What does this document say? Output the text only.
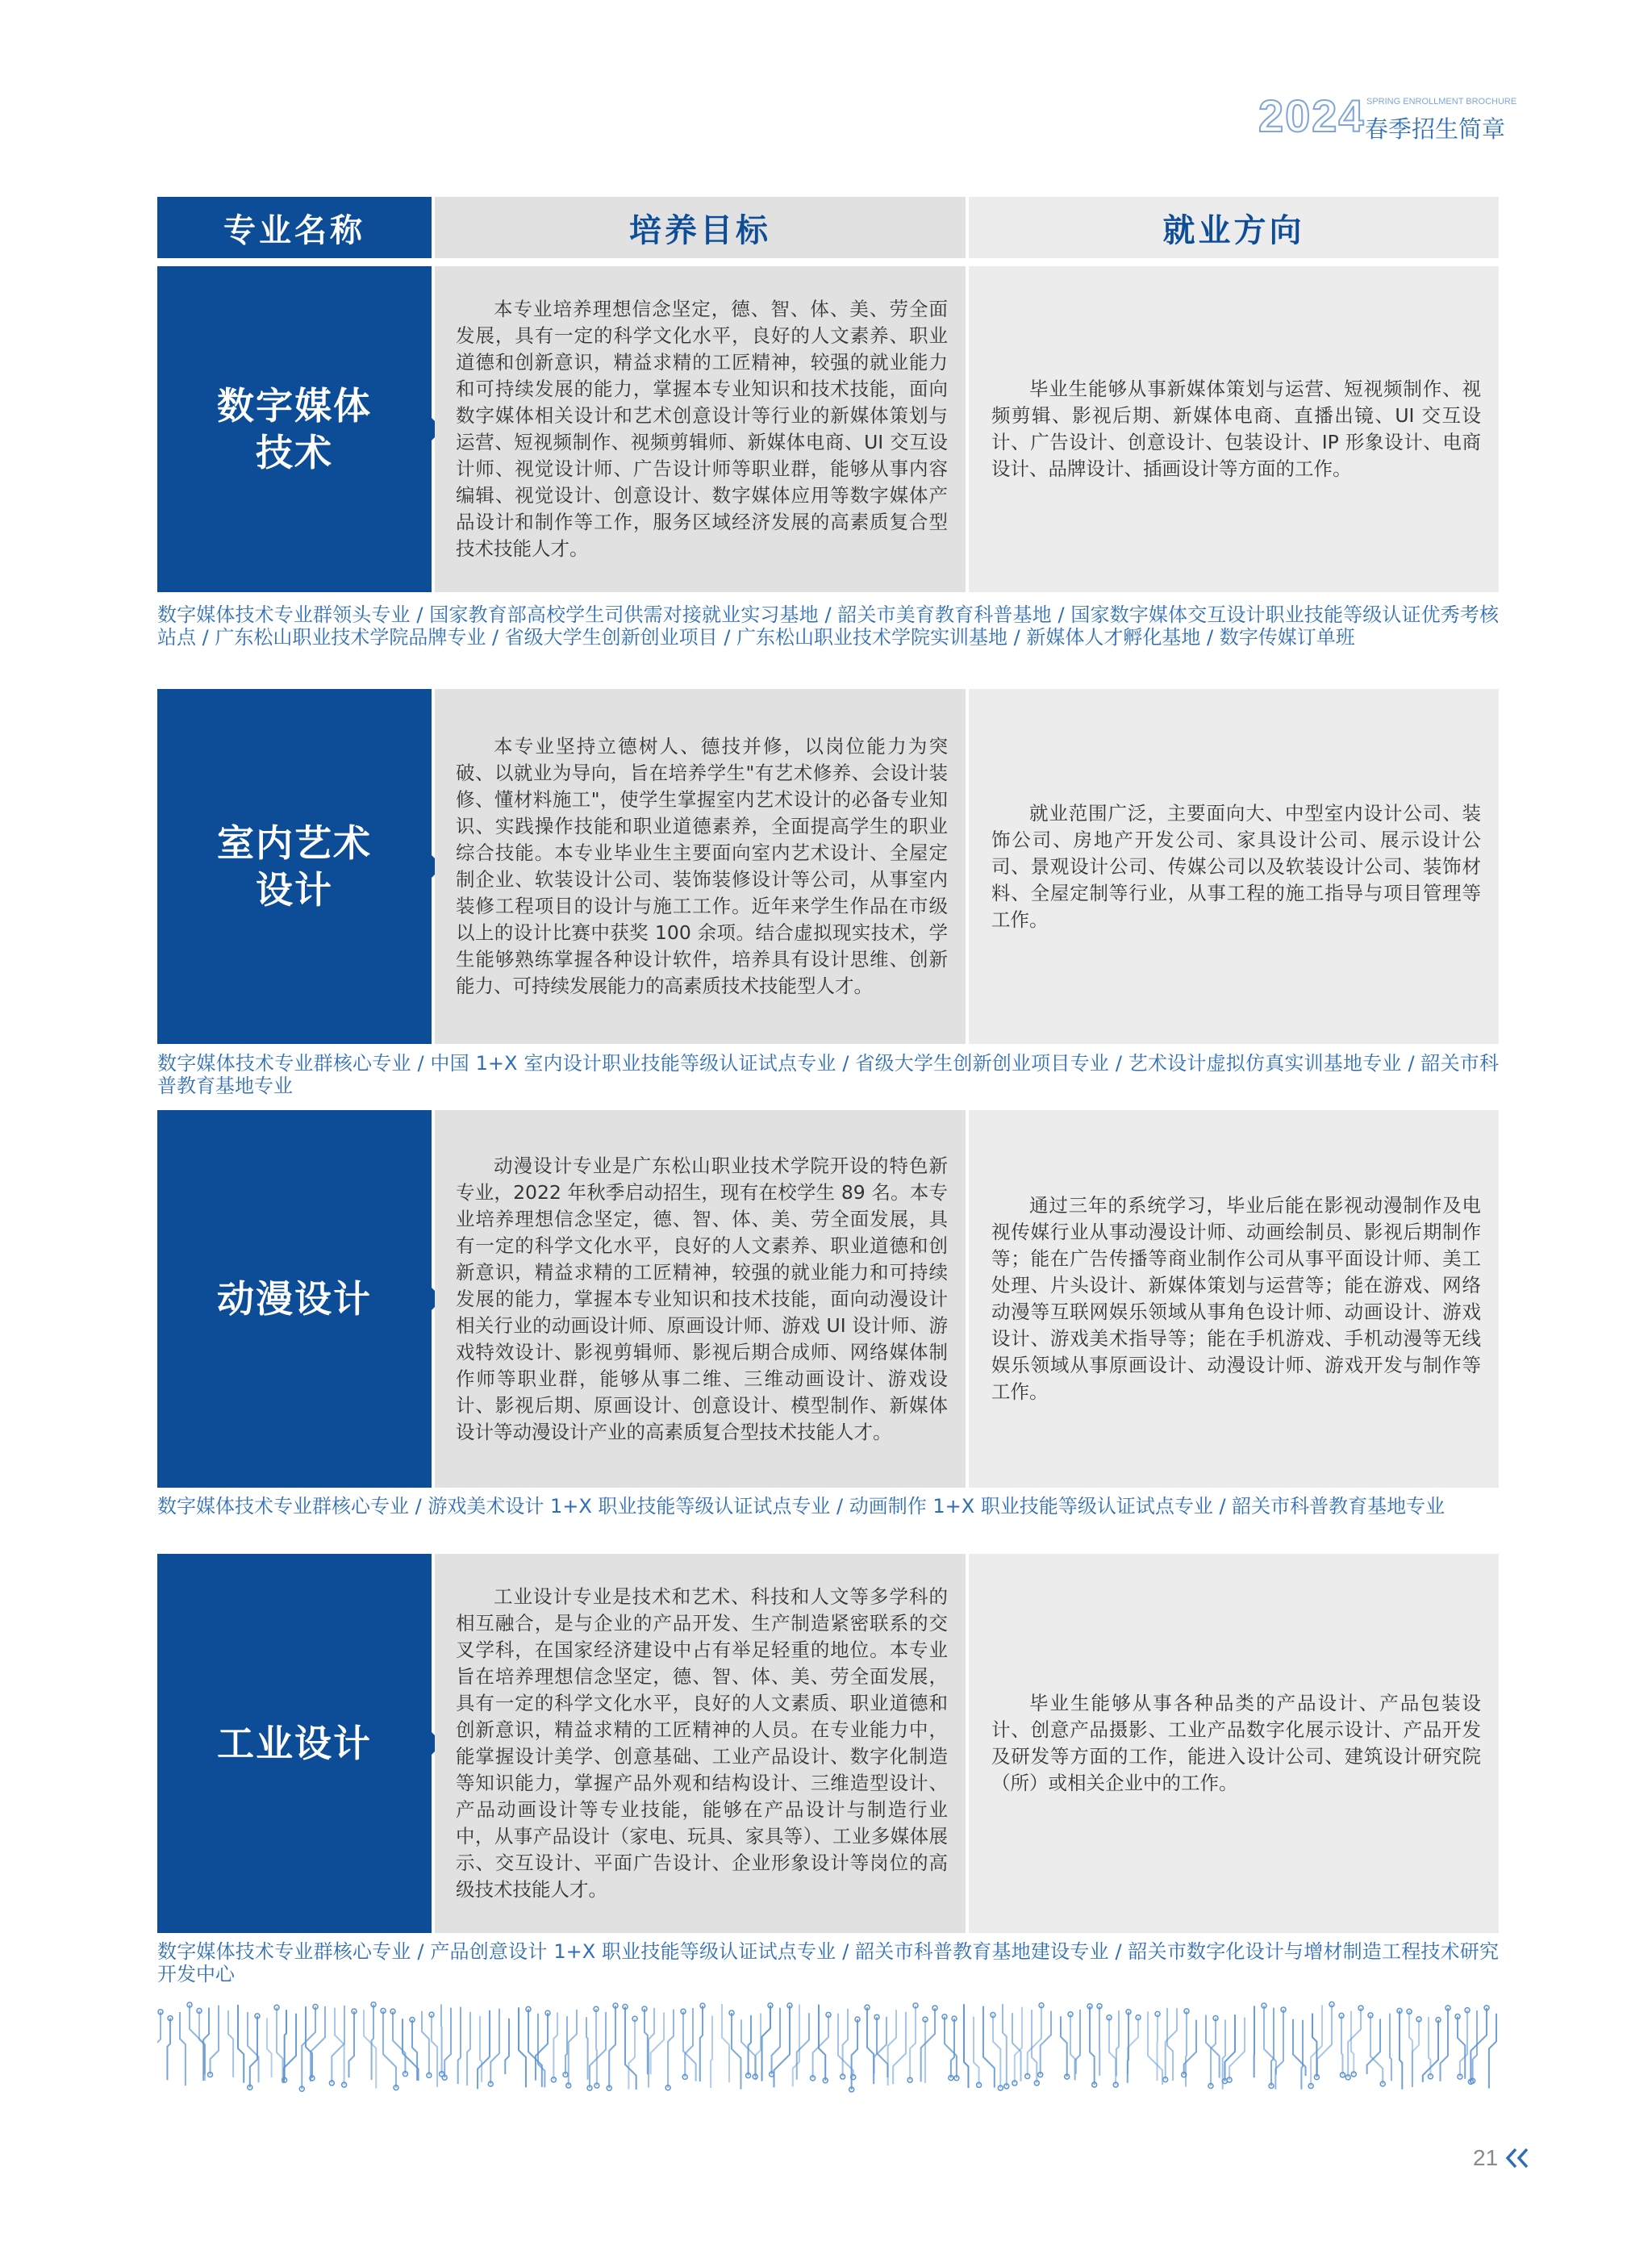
2024 SPRING ENROLLMENT BROCHURE
春季招生简章
专业名称	培养目标	就业方向
数字媒体技术

本专业培养理想信念坚定，德、智、体、美、劳全面发展，具有一定的科学文化水平，良好的人文素养、职业道德和创新意识，精益求精的工匠精神，较强的就业能力和可持续发展的能力，掌握本专业知识和技术技能，面向数字媒体相关设计和艺术创意设计等行业的新媒体策划与运营、短视频制作、视频剪辑师、新媒体电商、UI 交互设计师、视觉设计师、广告设计师等职业群，能够从事内容编辑、视觉设计、创意设计、数字媒体应用等数字媒体产品设计和制作等工作，服务区域经济发展的高素质复合型技术技能人才。

毕业生能够从事新媒体策划与运营、短视频制作、视频剪辑、影视后期、新媒体电商、直播出镜、UI 交互设计、广告设计、创意设计、包装设计、IP 形象设计、电商设计、品牌设计、插画设计等方面的工作。

数字媒体技术专业群领头专业 / 国家教育部高校学生司供需对接就业实习基地 / 韶关市美育教育科普基地 / 国家数字媒体交互设计职业技能等级认证优秀考核站点 / 广东松山职业技术学院品牌专业 / 省级大学生创新创业项目 / 广东松山职业技术学院实训基地 / 新媒体人才孵化基地 / 数字传媒订单班
室内艺术设计

本专业坚持立德树人、德技并修，以岗位能力为突破、以就业为导向，旨在培养学生"有艺术修养、会设计装修、懂材料施工"，使学生掌握室内艺术设计的必备专业知识、实践操作技能和职业道德素养，全面提高学生的职业综合技能。本专业毕业生主要面向室内艺术设计、全屋定制企业、软装设计公司、装饰装修设计等公司，从事室内装修工程项目的设计与施工工作。近年来学生作品在市级以上的设计比赛中获奖 100 余项。结合虚拟现实技术，学生能够熟练掌握各种设计软件，培养具有设计思维、创新能力、可持续发展能力的高素质技术技能型人才。

就业范围广泛，主要面向大、中型室内设计公司、装饰公司、房地产开发公司、家具设计公司、展示设计公司、景观设计公司、传媒公司以及软装设计公司、装饰材料、全屋定制等行业，从事工程的施工指导与项目管理等工作。

数字媒体技术专业群核心专业 / 中国 1+X 室内设计职业技能等级认证试点专业 / 省级大学生创新创业项目专业 / 艺术设计虚拟仿真实训基地专业 / 韶关市科普教育基地专业
动漫设计

动漫设计专业是广东松山职业技术学院开设的特色新专业，2022 年秋季启动招生，现有在校学生 89 名。本专业培养理想信念坚定，德、智、体、美、劳全面发展，具有一定的科学文化水平，良好的人文素养、职业道德和创新意识，精益求精的工匠精神，较强的就业能力和可持续发展的能力，掌握本专业知识和技术技能，面向动漫设计相关行业的动画设计师、原画设计师、游戏 UI 设计师、游戏特效设计、影视剪辑师、影视后期合成师、网络媒体制作师等职业群，能够从事二维、三维动画设计、游戏设计、影视后期、原画设计、创意设计、模型制作、新媒体设计等动漫设计产业的高素质复合型技术技能人才。

通过三年的系统学习，毕业后能在影视动漫制作及电视传媒行业从事动漫设计师、动画绘制员、影视后期制作等；能在广告传播等商业制作公司从事平面设计师、美工处理、片头设计、新媒体策划与运营等；能在游戏、网络动漫等互联网娱乐领域从事角色设计师、动画设计、游戏设计、游戏美术指导等；能在手机游戏、手机动漫等无线娱乐领域从事原画设计、动漫设计师、游戏开发与制作等工作。

数字媒体技术专业群核心专业 / 游戏美术设计 1+X 职业技能等级认证试点专业 / 动画制作 1+X 职业技能等级认证试点专业 / 韶关市科普教育基地专业
工业设计

工业设计专业是技术和艺术、科技和人文等多学科的相互融合，是与企业的产品开发、生产制造紧密联系的交叉学科，在国家经济建设中占有举足轻重的地位。本专业旨在培养理想信念坚定，德、智、体、美、劳全面发展，具有一定的科学文化水平，良好的人文素质、职业道德和创新意识，精益求精的工匠精神的人员。在专业能力中，能掌握设计美学、创意基础、工业产品设计、数字化制造等知识能力，掌握产品外观和结构设计、三维造型设计、产品动画设计等专业技能，能够在产品设计与制造行业中，从事产品设计（家电、玩具、家具等）、工业多媒体展示、交互设计、平面广告设计、企业形象设计等岗位的高级技术技能人才。

毕业生能够从事各种品类的产品设计、产品包装设计、创意产品摄影、工业产品数字化展示设计、产品开发及研发等方面的工作，能进入设计公司、建筑设计研究院（所）或相关企业中的工作。

数字媒体技术专业群核心专业 / 产品创意设计 1+X 职业技能等级认证试点专业 / 韶关市科普教育基地建设专业 / 韶关市数字化设计与增材制造工程技术研究开发中心
21
